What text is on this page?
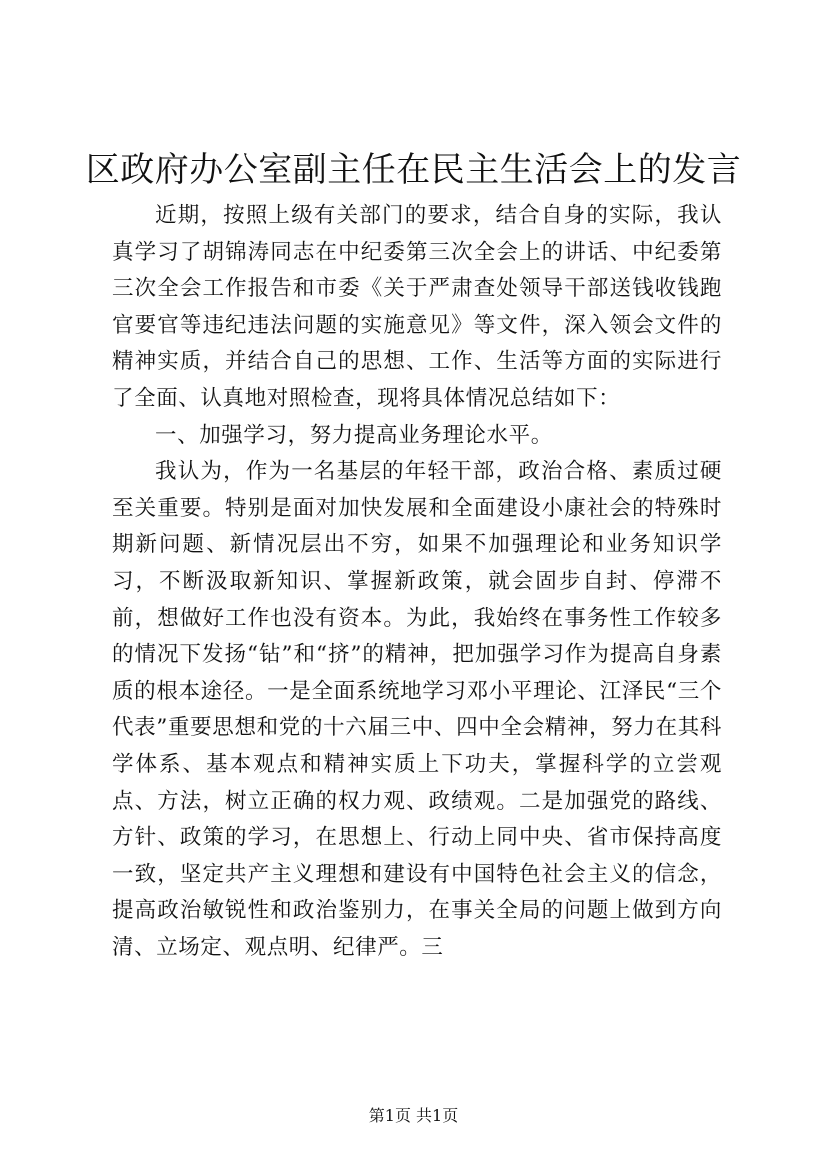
区政府办公室副主任在民主生活会上的发言

近期，按照上级有关部门的要求，结合自身的实际，我认真学习了胡锦涛同志在中纪委第三次全会上的讲话、中纪委第三次全会工作报告和市委《关于严肃查处领导干部送钱收钱跑官要官等违纪违法问题的实施意见》等文件，深入领会文件的精神实质，并结合自己的思想、工作、生活等方面的实际进行了全面、认真地对照检查，现将具体情况总结如下：

一、加强学习，努力提高业务理论水平。

我认为，作为一名基层的年轻干部，政治合格、素质过硬至关重要。特别是面对加快发展和全面建设小康社会的特殊时期新问题、新情况层出不穷，如果不加强理论和业务知识学习，不断汲取新知识、掌握新政策，就会固步自封、停滞不前，想做好工作也没有资本。为此，我始终在事务性工作较多的情况下发扬“钻”和“挤”的精神，把加强学习作为提高自身素质的根本途径。一是全面系统地学习邓小平理论、江泽民“三个代表”重要思想和党的十六届三中、四中全会精神，努力在其科学体系、基本观点和精神实质上下功夫，掌握科学的立尝观点、方法，树立正确的权力观、政绩观。二是加强党的路线、方针、政策的学习，在思想上、行动上同中央、省市保持高度一致，坚定共产主义理想和建设有中国特色社会主义的信念，提高政治敏锐性和政治鉴别力，在事关全局的问题上做到方向清、立场定、观点明、纪律严。三

第1页 共1页
